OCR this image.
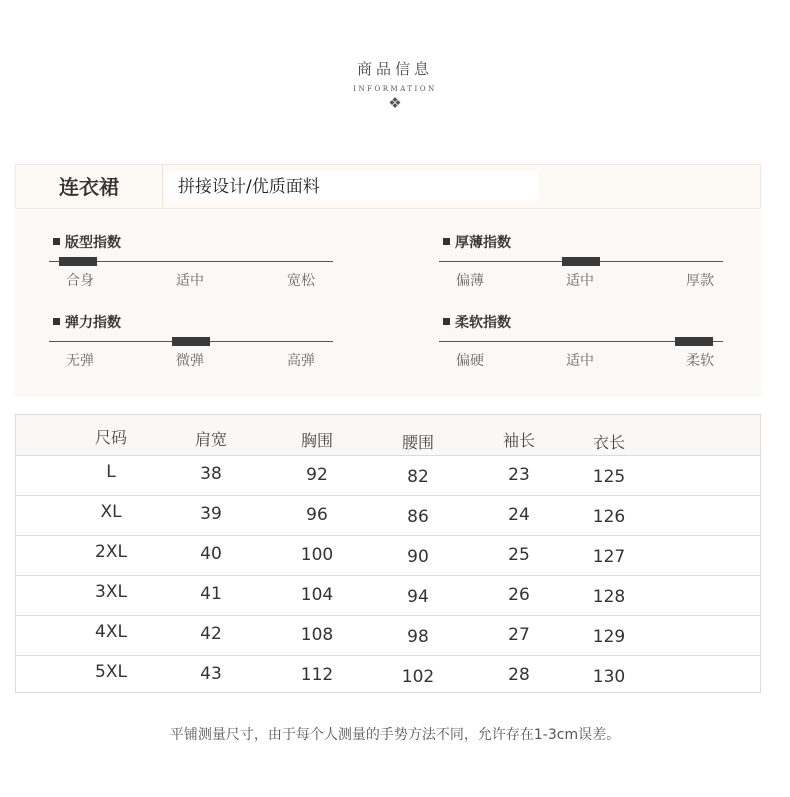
商品信息
INFORMATION
❖
连衣裙	拼接设计/优质面料
版型指数
合身	适中	宽松
厚薄指数
偏薄	适中	厚款
弹力指数
无弹	微弹	高弹
柔软指数
偏硬	适中	柔软
尺码	肩宽	胸围	腰围	袖长	衣长
L	38	92	82	23	125
XL	39	96	86	24	126
2XL	40	100	90	25	127
3XL	41	104	94	26	128
4XL	42	108	98	27	129
5XL	43	112	102	28	130
平铺测量尺寸，由于每个人测量的手势方法不同，允许存在1-3cm误差。
